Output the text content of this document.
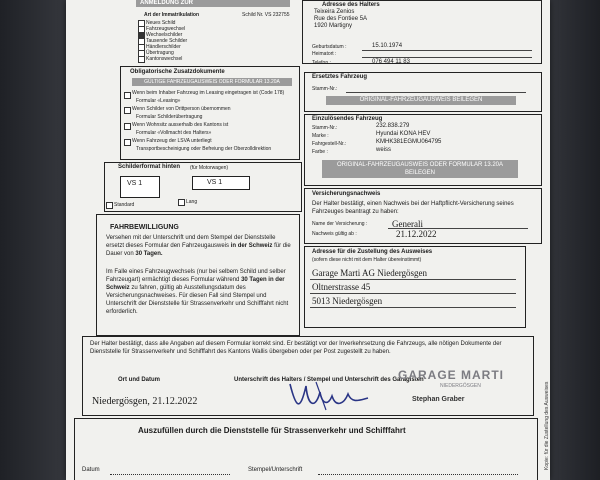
ANMELDUNG ZUR
Art der Immatrikulation	Schild Nr. VS 232755
Neues Schild
Fahrzeugwechsel
Wechselschilder
Tausende Schilder
Händlerschilder
Übertragung
Kantonswechsel
Obligatorische Zusatzdokumente
GÜLTIGE FAHRZEUGAUSWEIS ODER FORMULAR 13.20A
Wenn beim Inhaber Fahrzeug im Leasing eingetragen ist (Code 178)
Formular «Leasing»
Wenn Schilder von Drittperson übernommen
Formular Schilderübertragung
Wenn Wohnsitz ausserhalb des Kantons ist
Formular «Vollmacht des Halters»
Wenn Fahrzeug der LSVA unterliegt
Transportbescheinigung oder Befreiung der Oberzolldirektion
Schilderformat hinten (für Motorwagen)
VS 1	VS 1
Standard	Lang
FAHRBEWILLIGUNG
Versehen mit der Unterschrift und dem Stempel der Dienststelle ersetzt dieses Formular den Fahrzeugausweis in der Schweiz für die Dauer von 30 Tagen.
Im Falle eines Fahrzeugwechsels (nur bei selbem Schild und selber Fahrzeugart) ermächtigt dieses Formular während 30 Tagen in der Schweiz zu fahren, gültig ab Ausstellungsdatum des Versicherungsnachweises. Für diesen Fall sind Stempel und Unterschrift der Dienststelle für Strassenverkehr und Schifffahrt nicht erforderlich.
Adresse des Halters
Teixeira Zenios
Rue des Fontiee 5A
1920 Martigny
Geburtsdatum :	15.10.1974
Heimatort :
Telefon :	076 494 11 83
Ersetztes Fahrzeug
Stamm-Nr.:
ORIGINAL-FAHRZEUGAUSWEIS BEILEGEN
Einzulösendes Fahrzeug
Stamm-Nr.:	232.838.279
Marke :	Hyundai KONA HEV
Fahrgestell-Nr.:	KMHK381EGMU064795
Farbe :	weiss
ORIGINAL-FAHRZEUGAUSWEIS ODER FORMULAR 13.20A BEILEGEN
Versicherungsnachweis
Der Halter bestätigt, einen Nachweis bei der Haftpflicht-Versicherung seines Fahrzeuges beantragt zu haben:
Name der Versicherung :	Generali
Nachweis gültig ab :	21.12.2022
Adresse für die Zustellung des Ausweises
(sofern diese nicht mit dem Halter übereinstimmt)
Garage Marti AG Niedergösgen
Oltnerstrasse 45
5013 Niedergösgen
Der Halter bestätigt, dass alle Angaben auf diesem Formular korrekt sind. Er bestätigt vor der Inverkehrsetzung die Fahrzeugs, alle nötigen Dokumente der Dienststelle für Strassenverkehr und Schifffahrt des Kantons Wallis übergeben oder per Post zugestellt zu haben.
Ort und Datum	Unterschrift des Halters / Stempel und Unterschrift des Garagisten
GARAGE MARTI
NIEDERGÖSGEN
Niedergösgen, 21.12.2022	Stephan Graber
Auszufüllen durch die Dienststelle für Strassenverkehr und Schifffahrt
Datum	Stempel/Unterschrift	Kopie: für die Zustellung des Ausweises
